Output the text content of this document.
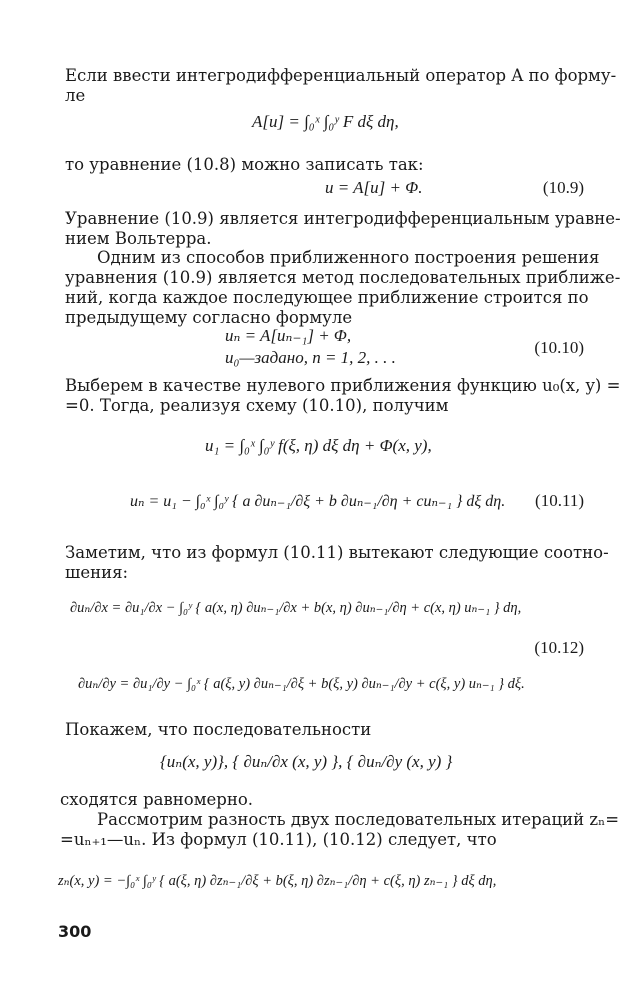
Если ввести интегродифференциальный оператор A по форму-
ле
A[u] = ∫₀ˣ ∫₀ʸ F dξ dη,
то уравнение (10.8) можно записать так:
u = A[u] + Φ.	(10.9)
Уравнение (10.9) является интегродифференциальным уравне-
нием Вольтерра.
Одним из способов приближенного построения решения
уравнения (10.9) является метод последовательных приближе-
ний, когда каждое последующее приближение строится по
предыдущему согласно формуле
uₙ = A[uₙ₋₁] + Φ,
u₀—задано, n = 1, 2, . . .
(10.10)
Выберем в качестве нулевого приближения функцию u₀(x, y) =
=0. Тогда, реализуя схему (10.10), получим
u₁ = ∫₀ˣ ∫₀ʸ f(ξ, η) dξ dη + Φ(x, y),
uₙ = u₁ − ∫₀ˣ ∫₀ʸ { a ∂uₙ₋₁/∂ξ + b ∂uₙ₋₁/∂η + cuₙ₋₁ } dξ dη.	(10.11)
Заметим, что из формул (10.11) вытекают следующие соотно-
шения:
∂uₙ/∂x = ∂u₁/∂x − ∫₀ʸ { a(x, η) ∂uₙ₋₁/∂x + b(x, η) ∂uₙ₋₁/∂η + c(x, η) uₙ₋₁ } dη,
(10.12)
∂uₙ/∂y = ∂u₁/∂y − ∫₀ˣ { a(ξ, y) ∂uₙ₋₁/∂ξ + b(ξ, y) ∂uₙ₋₁/∂y + c(ξ, y) uₙ₋₁ } dξ.
Покажем, что последовательности
{uₙ(x, y)}, { ∂uₙ/∂x (x, y) }, { ∂uₙ/∂y (x, y) }
сходятся равномерно.
Рассмотрим разность двух последовательных итераций zₙ=
=uₙ₊₁—uₙ. Из формул (10.11), (10.12) следует, что
zₙ(x, y) = −∫₀ˣ ∫₀ʸ { a(ξ, η) ∂zₙ₋₁/∂ξ + b(ξ, η) ∂zₙ₋₁/∂η + c(ξ, η) zₙ₋₁ } dξ dη,
300
